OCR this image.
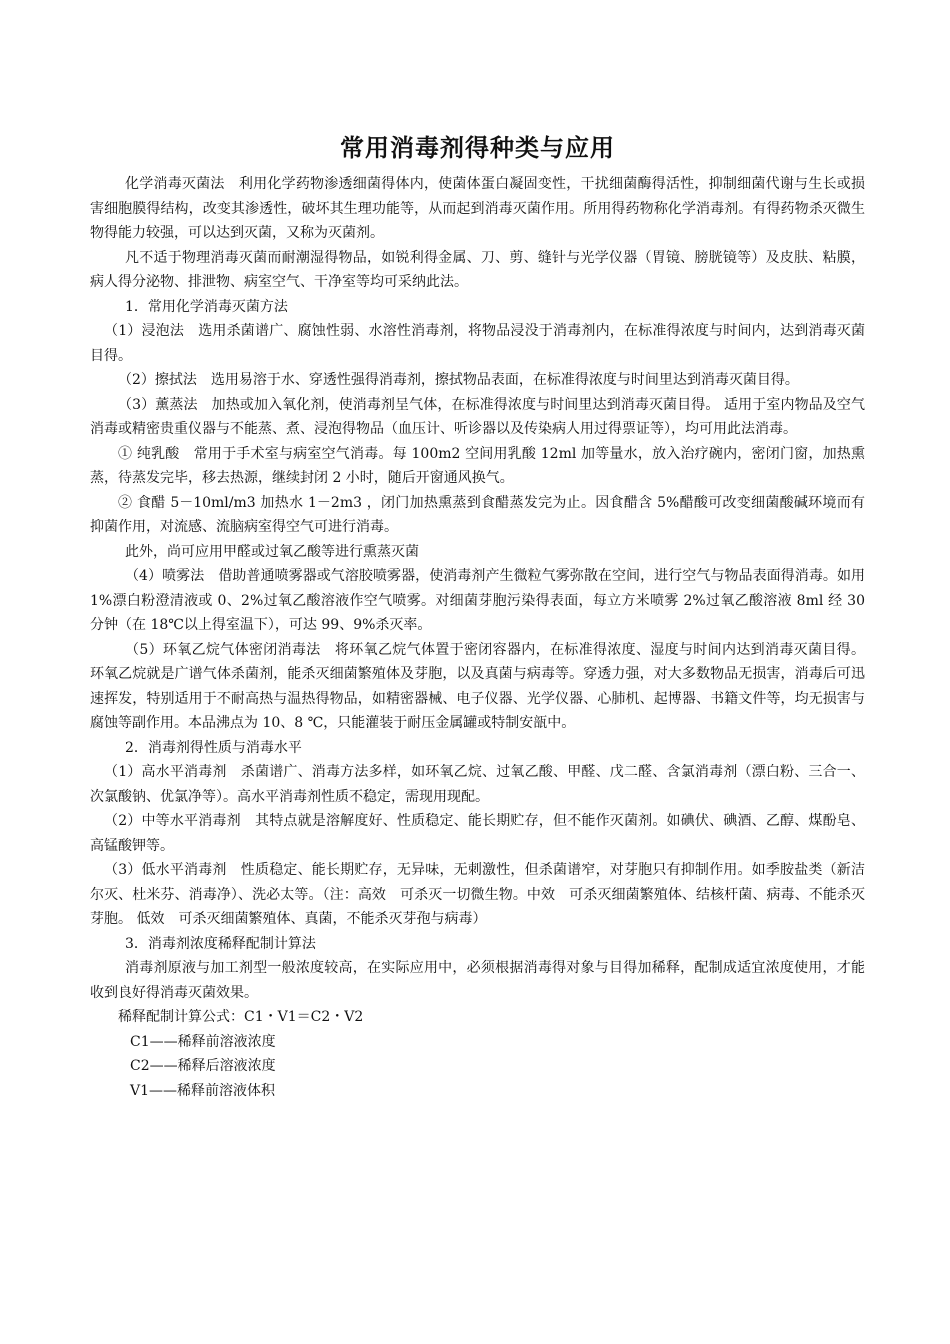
常用消毒剂得种类与应用

化学消毒灭菌法　利用化学药物渗透细菌得体内，使菌体蛋白凝固变性，干扰细菌酶得活性，抑制细菌代谢与生长或损害细胞膜得结构，改变其渗透性，破坏其生理功能等，从而起到消毒灭菌作用。所用得药物称化学消毒剂。有得药物杀灭微生物得能力较强，可以达到灭菌，又称为灭菌剂。

凡不适于物理消毒灭菌而耐潮湿得物品，如锐利得金属、刀、剪、缝针与光学仪器（胃镜、膀胱镜等）及皮肤、粘膜，病人得分泌物、排泄物、病室空气、干净室等均可采纳此法。

1．常用化学消毒灭菌方法

（1）浸泡法　选用杀菌谱广、腐蚀性弱、水溶性消毒剂，将物品浸没于消毒剂内，在标准得浓度与时间内，达到消毒灭菌目得。

（2）擦拭法　选用易溶于水、穿透性强得消毒剂，擦拭物品表面，在标准得浓度与时间里达到消毒灭菌目得。

（3）薰蒸法　加热或加入氧化剂，使消毒剂呈气体，在标准得浓度与时间里达到消毒灭菌目得。 适用于室内物品及空气消毒或精密贵重仪器与不能蒸、煮、浸泡得物品（血压计、听诊器以及传染病人用过得票证等），均可用此法消毒。

① 纯乳酸　常用于手术室与病室空气消毒。每 100m2 空间用乳酸 12ml 加等量水，放入治疗碗内，密闭门窗，加热熏蒸，待蒸发完毕，移去热源，继续封闭 2 小时，随后开窗通风换气。

② 食醋 5－10ml/m3 加热水 1－2m3 ，闭门加热熏蒸到食醋蒸发完为止。因食醋含 5%醋酸可改变细菌酸碱环境而有抑菌作用，对流感、流脑病室得空气可进行消毒。

此外，尚可应用甲醛或过氧乙酸等进行熏蒸灭菌

（4）喷雾法　借助普通喷雾器或气溶胶喷雾器，使消毒剂产生微粒气雾弥散在空间，进行空气与物品表面得消毒。如用 1%漂白粉澄清液或 0、2%过氧乙酸溶液作空气喷雾。对细菌芽胞污染得表面，每立方米喷雾 2%过氧乙酸溶液 8ml 经 30 分钟（在 18℃以上得室温下），可达 99、9%杀灭率。

（5）环氧乙烷气体密闭消毒法　将环氧乙烷气体置于密闭容器内，在标准得浓度、湿度与时间内达到消毒灭菌目得。 环氧乙烷就是广谱气体杀菌剂，能杀灭细菌繁殖体及芽胞，以及真菌与病毒等。穿透力强，对大多数物品无损害，消毒后可迅速挥发，特别适用于不耐高热与温热得物品，如精密器械、电子仪器、光学仪器、心肺机、起博器、书籍文件等，均无损害与腐蚀等副作用。本品沸点为 10、8 ℃，只能灌装于耐压金属罐或特制安瓿中。

2．消毒剂得性质与消毒水平

（1）高水平消毒剂　杀菌谱广、消毒方法多样，如环氧乙烷、过氧乙酸、甲醛、戊二醛、含氯消毒剂（漂白粉、三合一、次氯酸钠、优氯净等）。高水平消毒剂性质不稳定，需现用现配。

（2）中等水平消毒剂　其特点就是溶解度好、性质稳定、能长期贮存，但不能作灭菌剂。如碘伏、碘酒、乙醇、煤酚皂、高锰酸钾等。

（3）低水平消毒剂　性质稳定、能长期贮存，无异味，无刺激性，但杀菌谱窄，对芽胞只有抑制作用。如季胺盐类（新洁尔灭、杜米芬、消毒净）、洗必太等。（注：高效　可杀灭一切微生物。中效　可杀灭细菌繁殖体、结核杆菌、病毒、不能杀灭芽胞。 低效　可杀灭细菌繁殖体、真菌，不能杀灭芽孢与病毒）

3．消毒剂浓度稀释配制计算法

消毒剂原液与加工剂型一般浓度较高，在实际应用中，必须根据消毒得对象与目得加稀释，配制成适宜浓度使用，才能收到良好得消毒灭菌效果。

稀释配制计算公式：C1・V1＝C2・V2

C1——稀释前溶液浓度

C2——稀释后溶液浓度

V1——稀释前溶液体积
